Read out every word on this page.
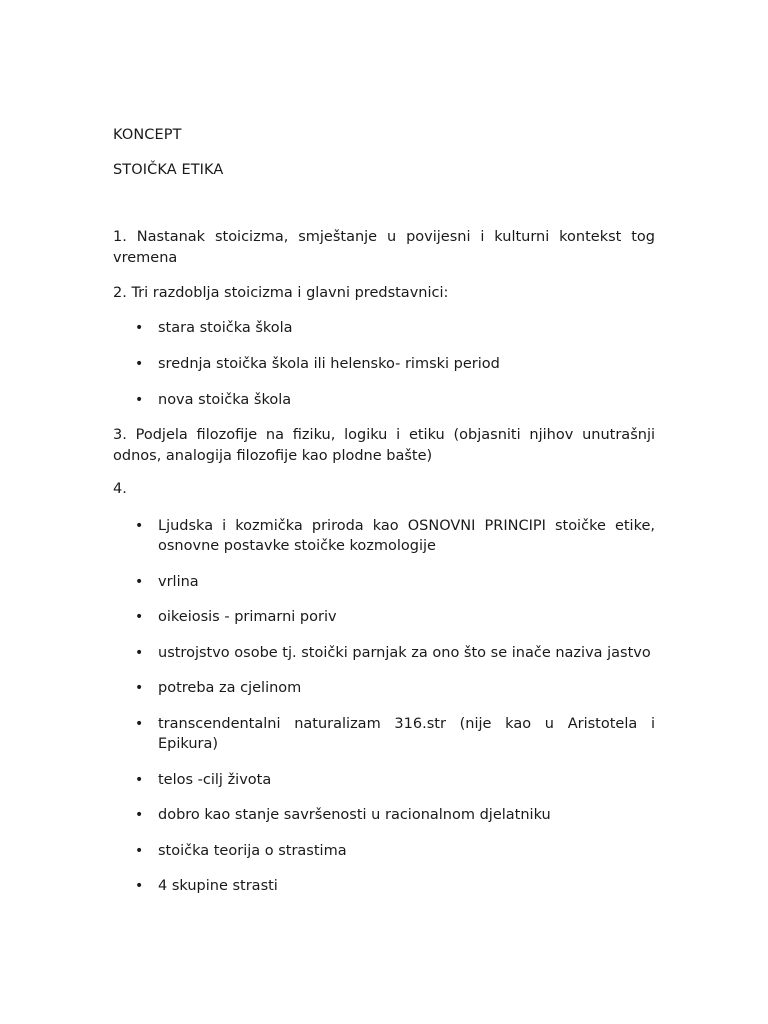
KONCEPT

STOIČKA ETIKA

1. Nastanak stoicizma, smještanje u povijesni i kulturni kontekst tog vremena

2. Tri razdoblja stoicizma i glavni predstavnici:

• stara stoička škola
• srednja stoička škola ili helensko- rimski period
• nova stoička škola

3. Podjela filozofije na fiziku, logiku i etiku (objasniti njihov unutrašnji odnos, analogija filozofije kao plodne bašte)

4.

• Ljudska i kozmička priroda kao OSNOVNI PRINCIPI stoičke etike, osnovne postavke stoičke kozmologije
• vrlina
• oikeiosis - primarni poriv
• ustrojstvo osobe tj. stoički parnjak za ono što se inače naziva jastvo
• potreba za cjelinom
• transcendentalni naturalizam 316.str (nije kao u Aristotela i Epikura)
• telos -cilj života
• dobro kao stanje savršenosti u racionalnom djelatniku
• stoička teorija o strastima
• 4 skupine strasti
